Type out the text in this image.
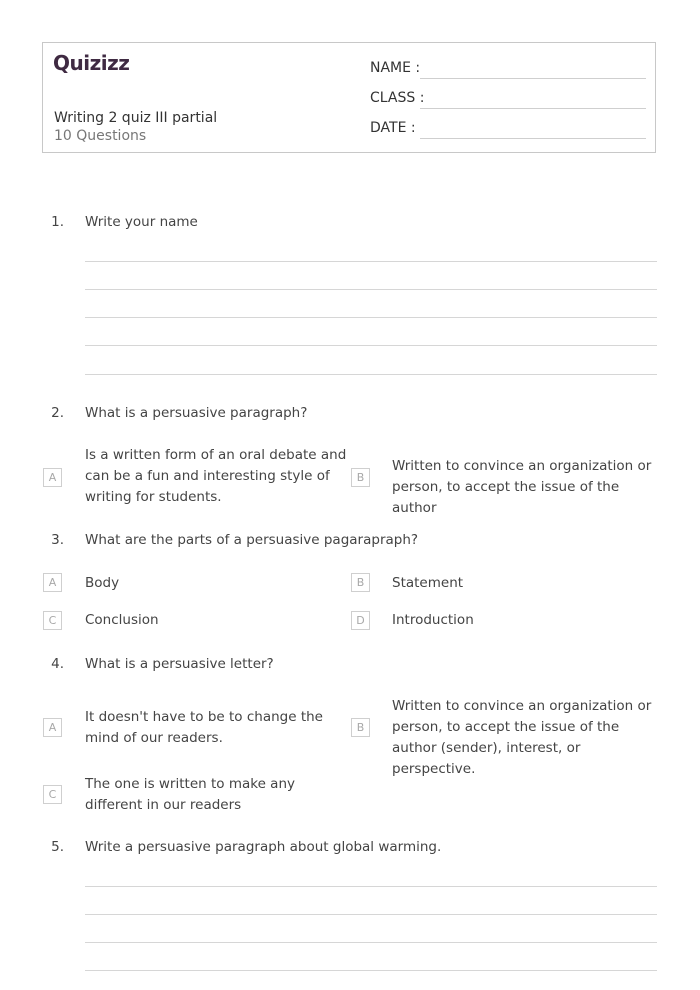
Quizizz
Writing 2 quiz III partial
10 Questions
NAME :
CLASS :
DATE :
1. Write your name
2. What is a persuasive paragraph?
A
Is a written form of an oral debate and can be a fun and interesting style of writing for students.
B
Written to convince an organization or person, to accept the issue of the author
3. What are the parts of a persuasive pagarapraph?
A	Body	B	Statement
C	Conclusion	D	Introduction
4. What is a persuasive letter?
A
It doesn't have to be to change the mind of our readers.
B
Written to convince an organization or person, to accept the issue of the author (sender), interest, or perspective.
C
The one is written to make any different in our readers
5. Write a persuasive paragraph about global warming.
